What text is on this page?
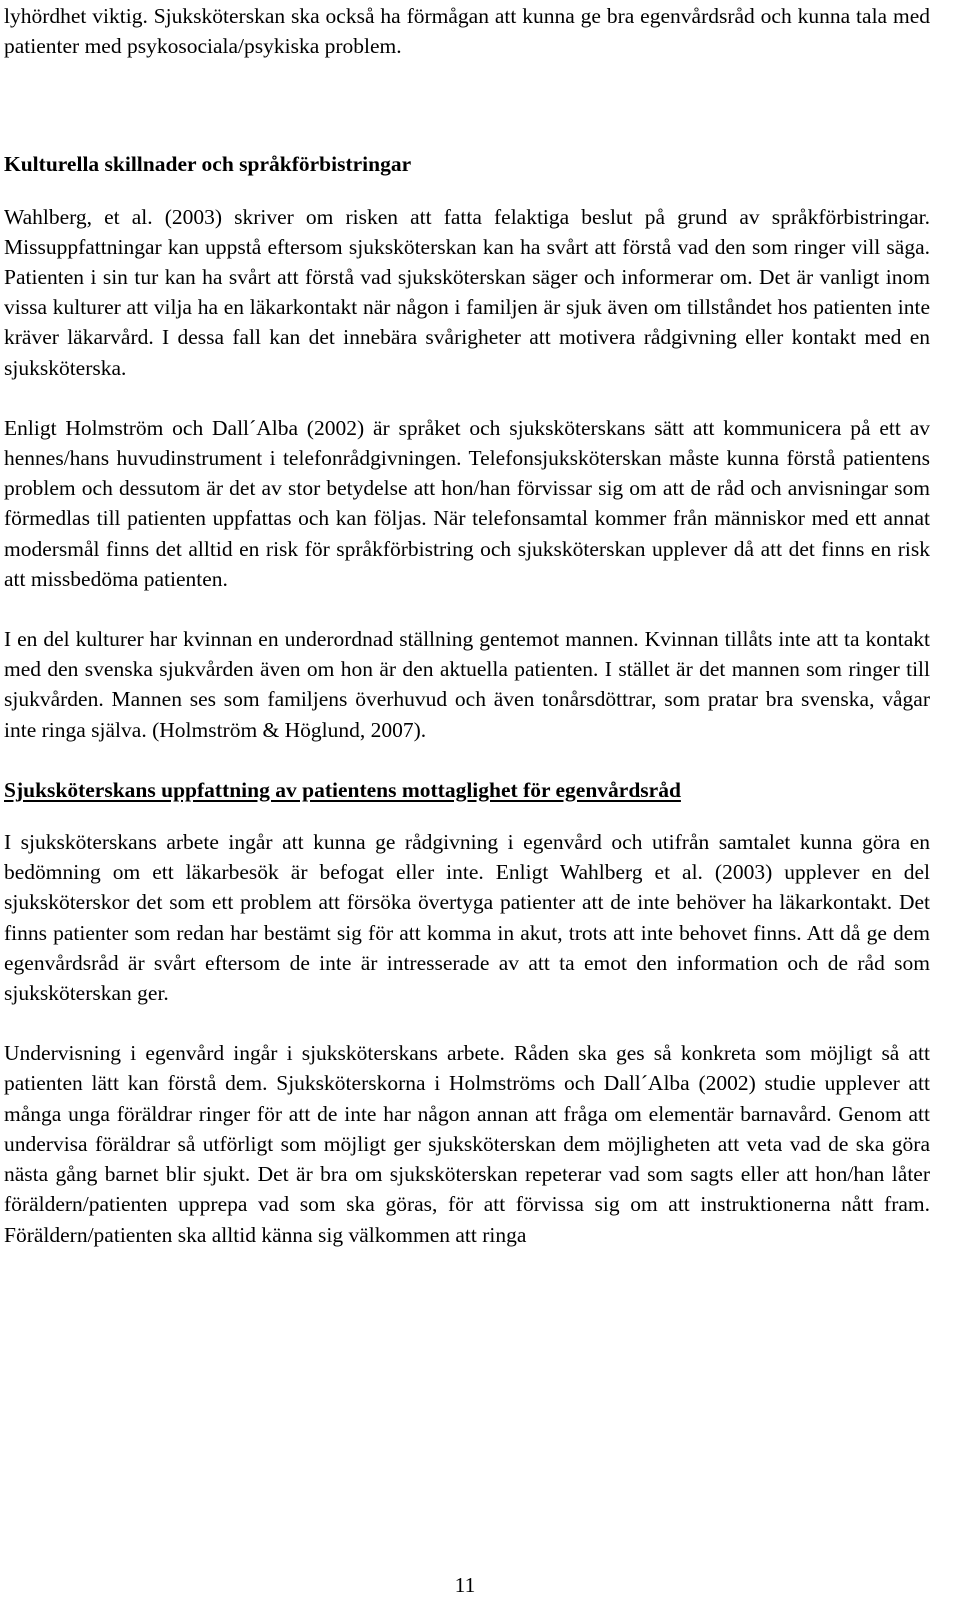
lyhördhet viktig. Sjuksköterskan ska också ha förmågan att kunna ge bra egenvårdsråd och kunna tala med patienter med psykosociala/psykiska problem.

Kulturella skillnader och språkförbistringar

Wahlberg, et al. (2003) skriver om risken att fatta felaktiga beslut på grund av språkförbistringar. Missuppfattningar kan uppstå eftersom sjuksköterskan kan ha svårt att förstå vad den som ringer vill säga. Patienten i sin tur kan ha svårt att förstå vad sjuksköterskan säger och informerar om. Det är vanligt inom vissa kulturer att vilja ha en läkarkontakt när någon i familjen är sjuk även om tillståndet hos patienten inte kräver läkarvård. I dessa fall kan det innebära svårigheter att motivera rådgivning eller kontakt med en sjuksköterska.

Enligt Holmström och Dall´Alba (2002) är språket och sjuksköterskans sätt att kommunicera på ett av hennes/hans huvudinstrument i telefonrådgivningen. Telefonsjuksköterskan måste kunna förstå patientens problem och dessutom är det av stor betydelse att hon/han förvissar sig om att de råd och anvisningar som förmedlas till patienten uppfattas och kan följas. När telefonsamtal kommer från människor med ett annat modersmål finns det alltid en risk för språkförbistring och sjuksköterskan upplever då att det finns en risk att missbedöma patienten.

I en del kulturer har kvinnan en underordnad ställning gentemot mannen. Kvinnan tillåts inte att ta kontakt med den svenska sjukvården även om hon är den aktuella patienten. I stället är det mannen som ringer till sjukvården. Mannen ses som familjens överhuvud och även tonårsdöttrar, som pratar bra svenska, vågar inte ringa själva. (Holmström & Höglund, 2007).

Sjuksköterskans uppfattning av patientens mottaglighet för egenvårdsråd

I sjuksköterskans arbete ingår att kunna ge rådgivning i egenvård och utifrån samtalet kunna göra en bedömning om ett läkarbesök är befogat eller inte. Enligt Wahlberg et al. (2003) upplever en del sjuksköterskor det som ett problem att försöka övertyga patienter att de inte behöver ha läkarkontakt. Det finns patienter som redan har bestämt sig för att komma in akut, trots att inte behovet finns. Att då ge dem egenvårdsråd är svårt eftersom de inte är intresserade av att ta emot den information och de råd som sjuksköterskan ger.

Undervisning i egenvård ingår i sjuksköterskans arbete. Råden ska ges så konkreta som möjligt så att patienten lätt kan förstå dem. Sjuksköterskorna i Holmströms och Dall´Alba (2002) studie upplever att många unga föräldrar ringer för att de inte har någon annan att fråga om elementär barnavård. Genom att undervisa föräldrar så utförligt som möjligt ger sjuksköterskan dem möjligheten att veta vad de ska göra nästa gång barnet blir sjukt. Det är bra om sjuksköterskan repeterar vad som sagts eller att hon/han låter föräldern/patienten upprepa vad som ska göras, för att förvissa sig om att instruktionerna nått fram. Föräldern/patienten ska alltid känna sig välkommen att ringa

11
